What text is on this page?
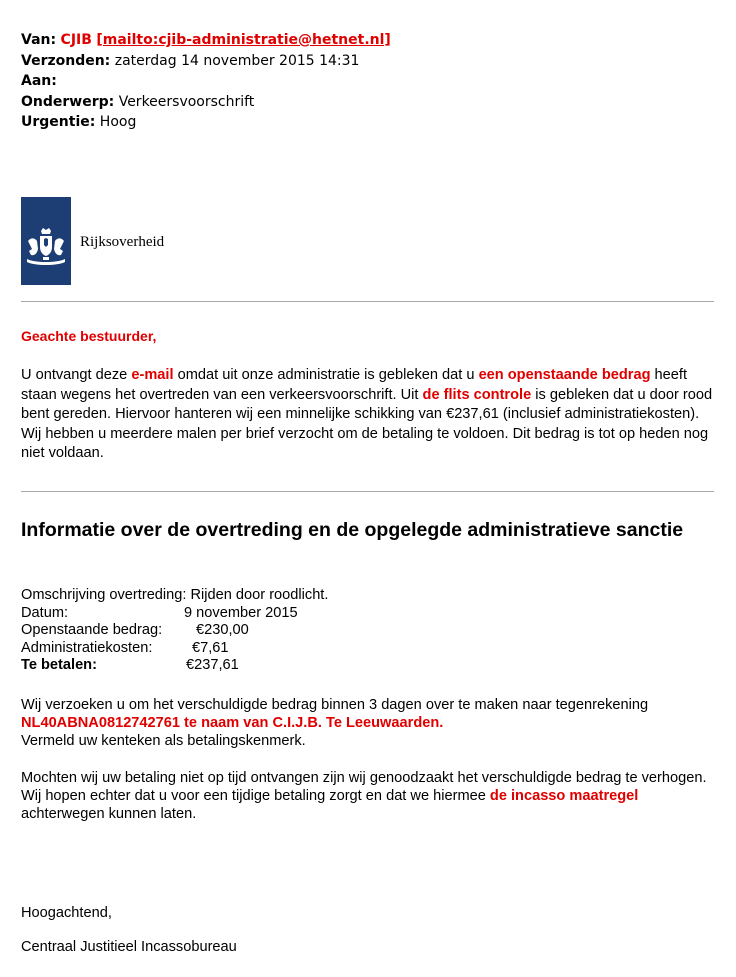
Van: CJIB [mailto:cjib-administratie@hetnet.nl]
Verzonden: zaterdag 14 november 2015 14:31
Aan:
Onderwerp: Verkeersvoorschrift
Urgentie: Hoog
Rijksoverheid
Geachte bestuurder,
U ontvangt deze e-mail omdat uit onze administratie is gebleken dat u een openstaande bedrag heeft staan wegens het overtreden van een verkeersvoorschrift. Uit de flits controle is gebleken dat u door rood bent gereden. Hiervoor hanteren wij een minnelijke schikking van €237,61 (inclusief administratiekosten). Wij hebben u meerdere malen per brief verzocht om de betaling te voldoen. Dit bedrag is tot op heden nog niet voldaan.
Informatie over de overtreding en de opgelegde administratieve sanctie
Omschrijving overtreding: Rijden door roodlicht.
Datum:	9 november 2015
Openstaande bedrag: €230,00
Administratiekosten:	€7,61
Te betalen:	€237,61
Wij verzoeken u om het verschuldigde bedrag binnen 3 dagen over te maken naar tegenrekening
NL40ABNA0812742761 te naam van C.I.J.B. Te Leeuwaarden.
Vermeld uw kenteken als betalingskenmerk.
Mochten wij uw betaling niet op tijd ontvangen zijn wij genoodzaakt het verschuldigde bedrag te verhogen.
Wij hopen echter dat u voor een tijdige betaling zorgt en dat we hiermee de incasso maatregel achterwegen kunnen laten.
Hoogachtend,
Centraal Justitieel Incassobureau
